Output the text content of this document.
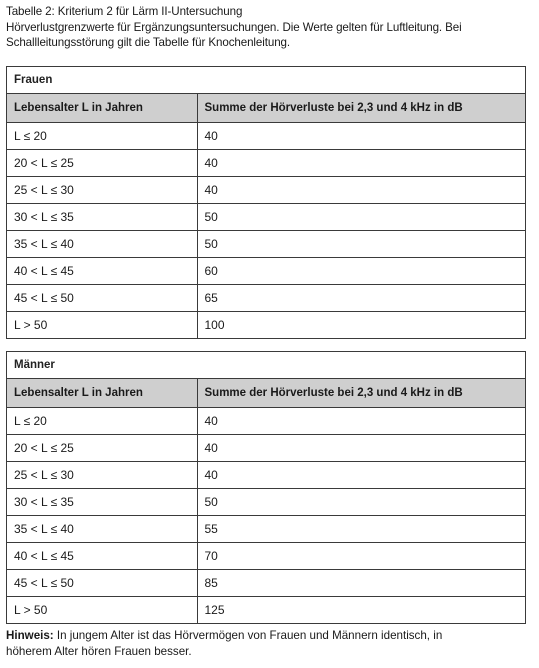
Tabelle 2: Kriterium 2 für Lärm II-Untersuchung
Hörverlustgrenzwerte für Ergänzungsuntersuchungen. Die Werte gelten für Luftleitung. Bei
Schallleitungsstörung gilt die Tabelle für Knochenleitung.
Frauen
Lebensalter L in Jahren	Summe der Hörverluste bei 2,3 und 4 kHz in dB
L ≤ 20	40
20 < L ≤ 25	40
25 < L ≤ 30	40
30 < L ≤ 35	50
35 < L ≤ 40	50
40 < L ≤ 45	60
45 < L ≤ 50	65
L > 50	100
Männer
Lebensalter L in Jahren	Summe der Hörverluste bei 2,3 und 4 kHz in dB
L ≤ 20	40
20 < L ≤ 25	40
25 < L ≤ 30	40
30 < L ≤ 35	50
35 < L ≤ 40	55
40 < L ≤ 45	70
45 < L ≤ 50	85
L > 50	125
Hinweis: In jungem Alter ist das Hörvermögen von Frauen und Männern identisch, in
höherem Alter hören Frauen besser.
